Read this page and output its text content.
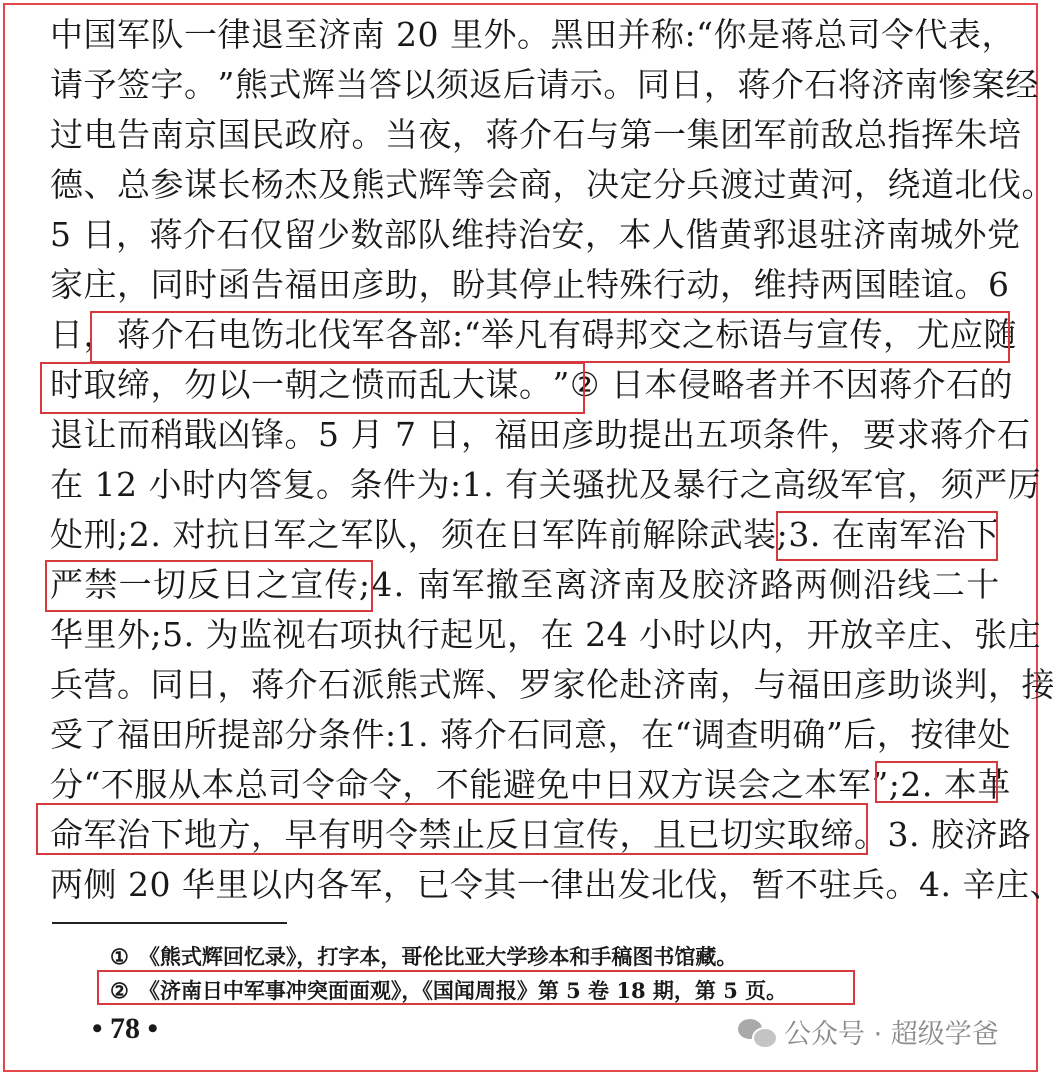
中 国 军 队 一 律 退 至 济 南
2 0
里 外 。 黑 田 并 称 : “ 你 是 蒋 总 司 令 代 表 ，
请 予 签 字 。 ” 熊 式 辉 当 答 以 须 返 后 请 示 。 同 日 ， 蒋 介 石 将 济 南 惨 案 经
过 电 告 南 京 国 民 政 府 。 当 夜 ， 蒋 介 石 与 第 一 集 团 军 前 敌 总 指 挥 朱 培
德 、 总 参 谋 长 杨 杰 及 熊 式 辉 等 会 商 ， 决 定 分 兵 渡 过 黄 河 ， 绕 道 北 伐 。
5
日 ， 蒋 介 石 仅 留 少 数 部 队 维 持 治 安 ， 本 人 偕 黄 郛 退 驻 济 南 城 外 党
家 庄 ， 同 时 函 告 福 田 彦 助 ， 盼 其 停 止 特 殊 行 动 ， 维 持 两 国 睦 谊 。 6
日 ， 蒋 介 石 电 饬 北 伐 军 各 部 : “ 举 凡 有 碍 邦 交 之 标 语 与 宣 传 ， 尤 应 随
时 取 缔 ， 勿 以 一 朝 之 愤 而 乱 大 谋 。 ” ②
日 本 侵 略 者 并 不 因 蒋 介 石 的
退 让 而 稍 戢 凶 锋 。 5
月
7
日 ， 福 田 彦 助 提 出 五 项 条 件 ， 要 求 蒋 介 石
在
1 2
小 时 内 答 复 。 条 件 为 : 1 .
有 关 骚 扰 及 暴 行 之 高 级 军 官 ， 须 严 厉
处 刑 ; 2 .
对 抗 日 军 之 军 队 ， 须 在 日 军 阵 前 解 除 武 装 ; 3 .
在 南 军 治 下
严 禁 一 切 反 日 之 宣 传 ; 4 .
南 军 撤 至 离 济 南 及 胶 济 路 两 侧 沿 线 二 十
华 里 外 ; 5 .
为 监 视 右 项 执 行 起 见 ， 在
2 4
小 时 以 内 ， 开 放 辛 庄 、 张 庄
兵 营 。 同 日 ， 蒋 介 石 派 熊 式 辉 、 罗 家 伦 赴 济 南 ， 与 福 田 彦 助 谈 判 ， 接
受 了 福 田 所 提 部 分 条 件 : 1 .
蒋 介 石 同 意 ， 在 “ 调 查 明 确 ” 后 ， 按 律 处
分 “ 不 服 从 本 总 司 令 命 令 ， 不 能 避 免 中 日 双 方 误 会 之 本 军 ” ; 2 .
本 革
命 军 治 下 地 方 ， 早 有 明 令 禁 止 反 日 宣 传 ， 且 已 切 实 取 缔 。 3 .
胶 济 路
两侧 20 华里以内各军，已令其一律出发北伐，暂不驻兵。4. 辛庄、
① 《熊式辉回忆录》，打字本，哥伦比亚大学珍本和手稿图书馆藏。
② 《济南日中军事冲突面面观》，《国闻周报》第 5 卷 18 期，第 5 页。
• 78 •	公众号 · 超级学爸
